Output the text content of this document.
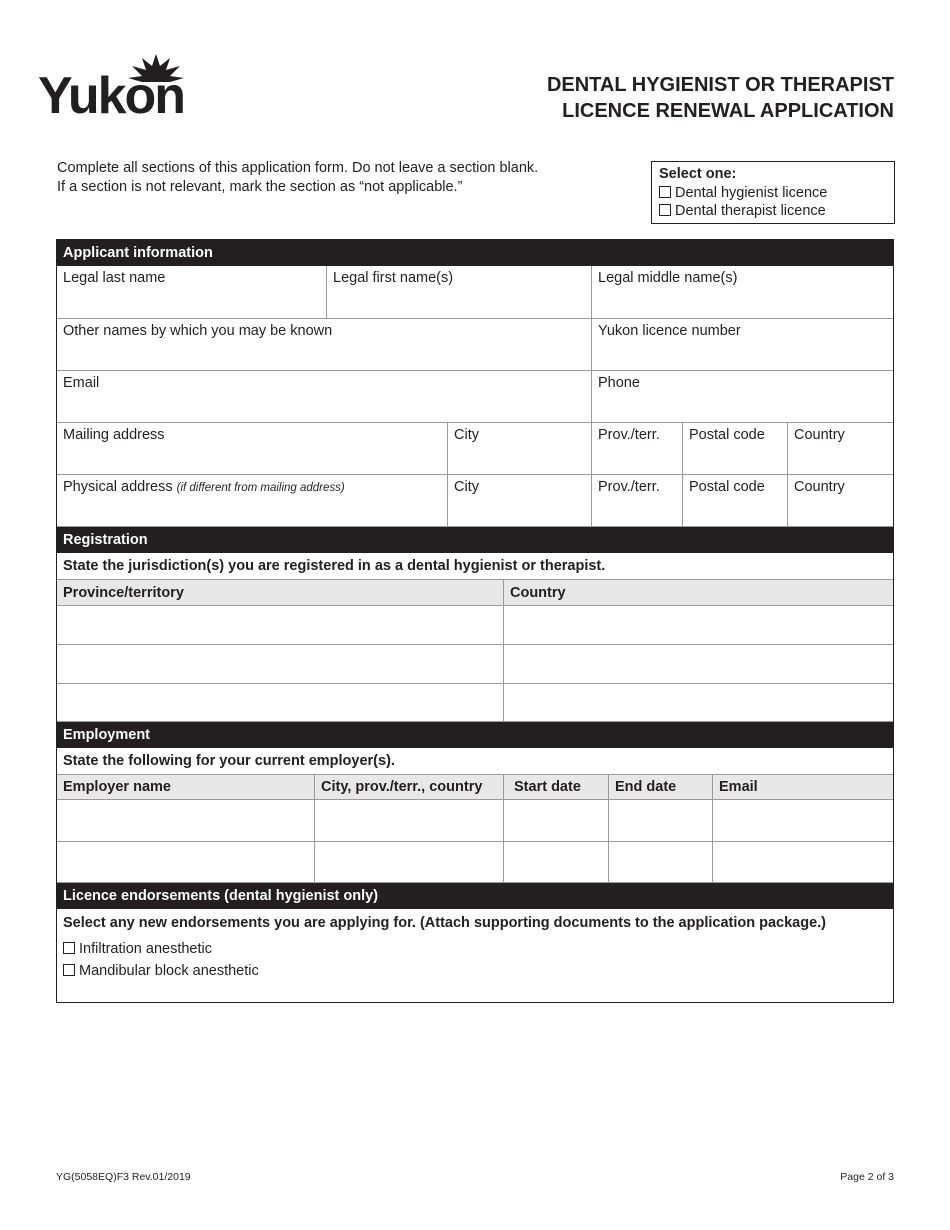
Yukon	DENTAL HYGIENIST OR THERAPIST
LICENCE RENEWAL APPLICATION
Complete all sections of this application form. Do not leave a section blank.
If a section is not relevant, mark the section as “not applicable.”
Select one:
Dental hygienist licence
Dental therapist licence
Applicant information
Legal last name	Legal first name(s)	Legal middle name(s)
Other names by which you may be known	Yukon licence number
Email	Phone
Mailing address	City	Prov./terr.	Postal code	Country
Physical address (if different from mailing address)	City	Prov./terr.	Postal code	Country
Registration
State the jurisdiction(s) you are registered in as a dental hygienist or therapist.
Province/territory	Country
Employment
State the following for your current employer(s).
Employer name	City, prov./terr., country	Start date	End date	Email
Licence endorsements (dental hygienist only)
Select any new endorsements you are applying for. (Attach supporting documents to the application package.)
Infiltration anesthetic
Mandibular block anesthetic
YG(5058EQ)F3 Rev.01/2019	Page 2 of 3
